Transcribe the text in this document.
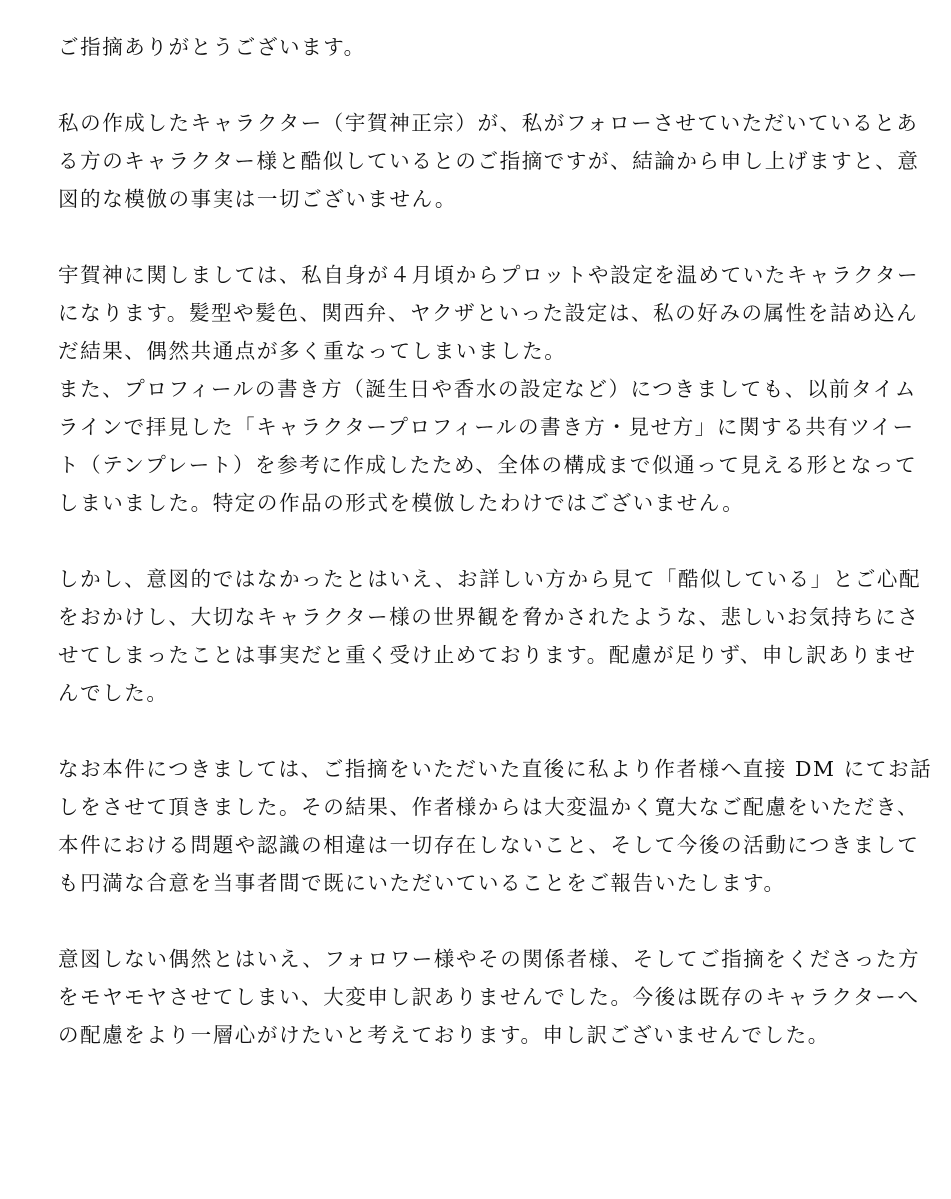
ご指摘ありがとうございます。

私の作成したキャラクター（宇賀神正宗）が、私がフォローさせていただいているとあ
る方のキャラクター様と酷似しているとのご指摘ですが、結論から申し上げますと、意
図的な模倣の事実は一切ございません。

宇賀神に関しましては、私自身が４月頃からプロットや設定を温めていたキャラクター
になります。髪型や髪色、関西弁、ヤクザといった設定は、私の好みの属性を詰め込ん
だ結果、偶然共通点が多く重なってしまいました。

また、プロフィールの書き方（誕生日や香水の設定など）につきましても、以前タイム
ラインで拝見した「キャラクタープロフィールの書き方・見せ方」に関する共有ツイー
ト（テンプレート）を参考に作成したため、全体の構成まで似通って見える形となって
しまいました。特定の作品の形式を模倣したわけではございません。

しかし、意図的ではなかったとはいえ、お詳しい方から見て「酷似している」とご心配
をおかけし、大切なキャラクター様の世界観を脅かされたような、悲しいお気持ちにさ
せてしまったことは事実だと重く受け止めております。配慮が足りず、申し訳ありませ
んでした。

なお本件につきましては、ご指摘をいただいた直後に私より作者様へ直接 DM にてお話
しをさせて頂きました。その結果、作者様からは大変温かく寛大なご配慮をいただき、
本件における問題や認識の相違は一切存在しないこと、そして今後の活動につきまして
も円満な合意を当事者間で既にいただいていることをご報告いたします。

意図しない偶然とはいえ、フォロワー様やその関係者様、そしてご指摘をくださった方
をモヤモヤさせてしまい、大変申し訳ありませんでした。今後は既存のキャラクターへ
の配慮をより一層心がけたいと考えております。申し訳ございませんでした。
